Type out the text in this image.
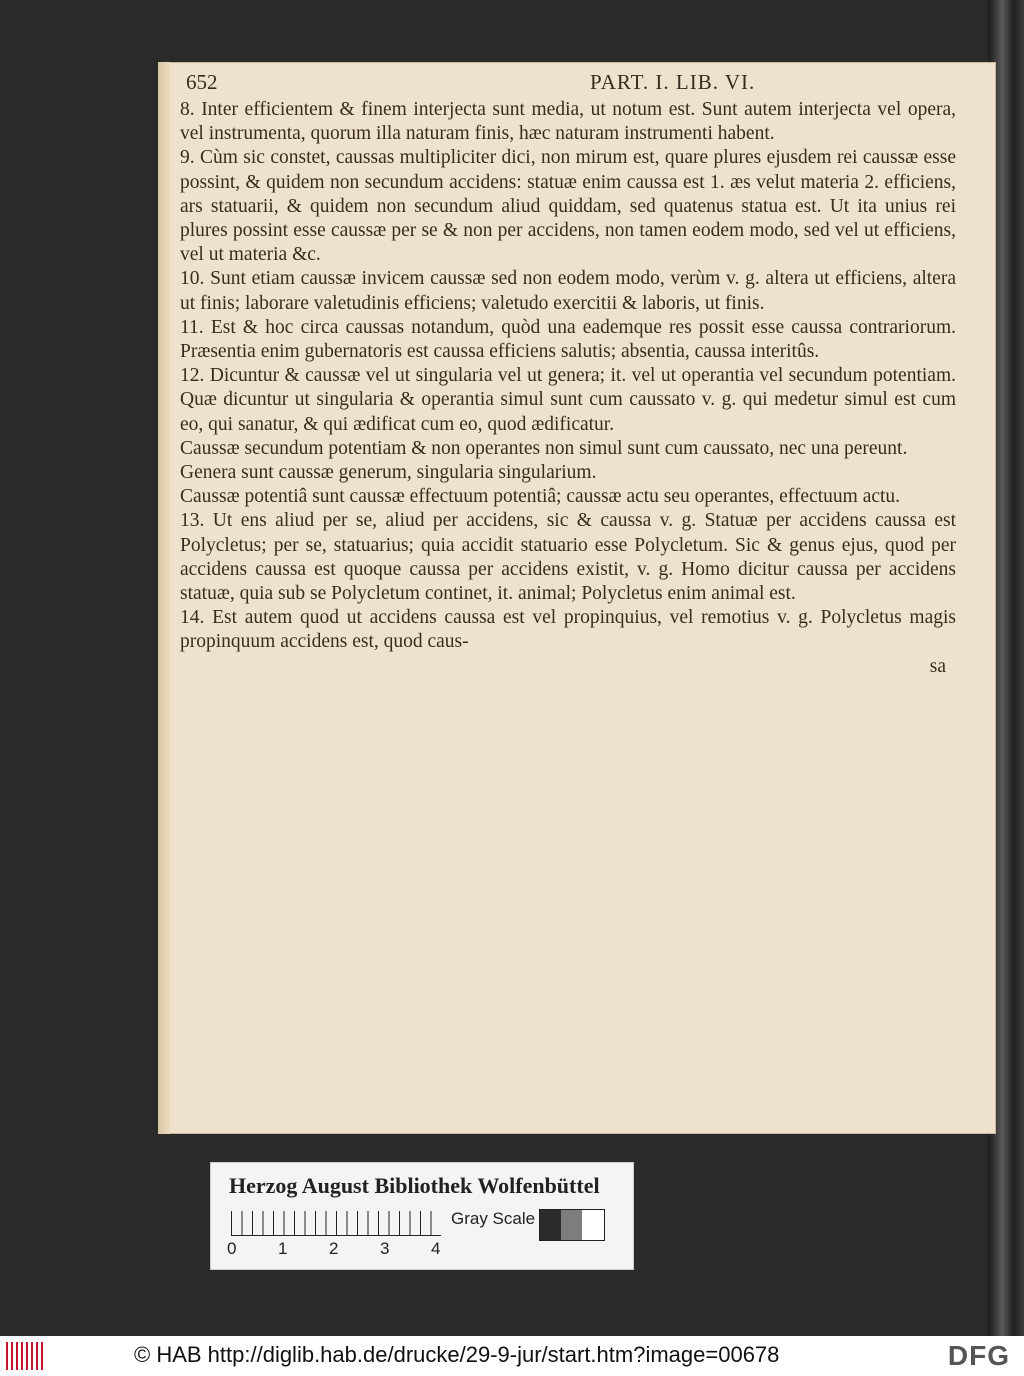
652	PART. I. LIB. VI.

8. Inter efficientem & finem interjecta sunt media, ut notum est. Sunt autem interjecta vel opera, vel instrumenta, quorum illa naturam finis, hæc naturam instrumenti habent.

9. Cùm sic constet, caussas multipliciter dici, non mirum est, quare plures ejusdem rei caussæ esse possint, & quidem non secundum accidens: statuæ enim caussa est 1. æs velut materia 2. efficiens, ars statuarii, & quidem non secundum aliud quiddam, sed quatenus statua est. Ut ita unius rei plures possint esse caussæ per se & non per accidens, non tamen eodem modo, sed vel ut efficiens, vel ut materia &c.

10. Sunt etiam caussæ invicem caussæ sed non eodem modo, verùm v. g. altera ut efficiens, altera ut finis; laborare valetudinis efficiens; valetudo exercitii & laboris, ut finis.

11. Est & hoc circa caussas notandum, quòd una eademque res possit esse caussa contrariorum. Præsentia enim gubernatoris est caussa efficiens salutis; absentia, caussa interitûs.

12. Dicuntur & caussæ vel ut singularia vel ut genera; it. vel ut operantia vel secundum potentiam. Quæ dicuntur ut singularia & operantia simul sunt cum caussato v. g. qui medetur simul est cum eo, qui sanatur, & qui ædificat cum eo, quod ædificatur.

Caussæ secundum potentiam & non operantes non simul sunt cum caussato, nec una pereunt.

Genera sunt caussæ generum, singularia singularium.

Caussæ potentiâ sunt caussæ effectuum potentiâ; caussæ actu seu operantes, effectuum actu.

13. Ut ens aliud per se, aliud per accidens, sic & caussa v. g. Statuæ per accidens caussa est Polycletus; per se, statuarius; quia accidit statuario esse Polycletum. Sic & genus ejus, quod per accidens caussa est quoque caussa per accidens existit, v. g. Homo dicitur caussa per accidens statuæ, quia sub se Polycletum continet, it. animal; Polycletus enim animal est.

14. Est autem quod ut accidens caussa est vel propinquius, vel remotius v. g. Polycletus magis propinquum accidens est, quod caus-

sa

Herzog August Bibliothek Wolfenbüttel
0 1 2 3 4
Gray Scale
© HAB http://diglib.hab.de/drucke/29-9-jur/start.htm?image=00678	DFG
